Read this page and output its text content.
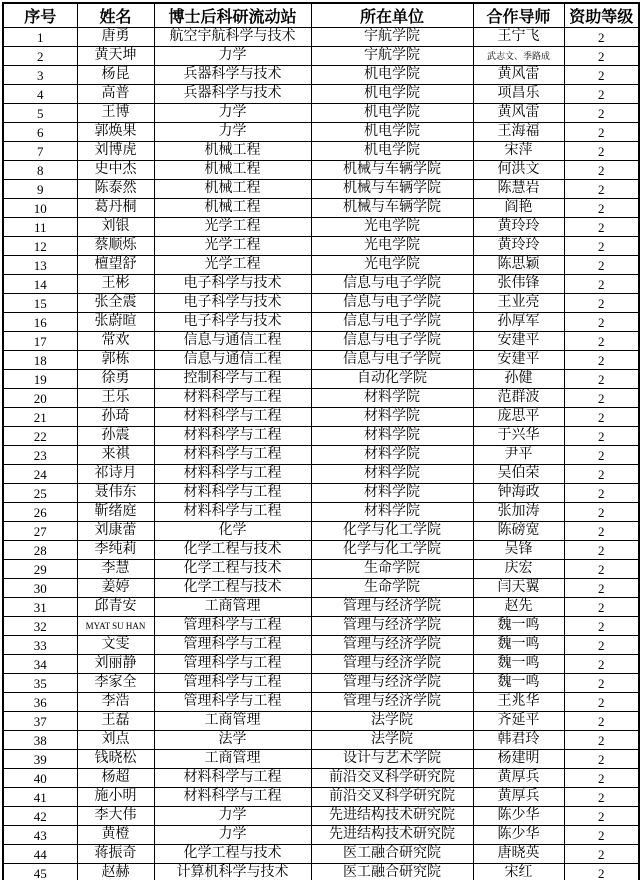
序号	姓名	博士后科研流动站	所在单位	合作导师	资助等级
1	唐勇	航空宇航科学与技术	宇航学院	王宁飞	2
2	黄天坤	力学	宇航学院	武志文、季路成	2
3	杨昆	兵器科学与技术	机电学院	黄风雷	2
4	高普	兵器科学与技术	机电学院	项昌乐	2
5	王博	力学	机电学院	黄风雷	2
6	郭焕果	力学	机电学院	王海福	2
7	刘博虎	机械工程	机电学院	宋萍	2
8	史中杰	机械工程	机械与车辆学院	何洪文	2
9	陈泰然	机械工程	机械与车辆学院	陈慧岩	2
10	葛丹桐	机械工程	机械与车辆学院	阎艳	2
11	刘银	光学工程	光电学院	黄玲玲	2
12	蔡顺烁	光学工程	光电学院	黄玲玲	2
13	檀望舒	光学工程	光电学院	陈思颖	2
14	王彬	电子科学与技术	信息与电子学院	张伟锋	2
15	张全震	电子科学与技术	信息与电子学院	王业亮	2
16	张蔚暄	电子科学与技术	信息与电子学院	孙厚军	2
17	常欢	信息与通信工程	信息与电子学院	安建平	2
18	郭栋	信息与通信工程	信息与电子学院	安建平	2
19	徐勇	控制科学与工程	自动化学院	孙健	2
20	王乐	材料科学与工程	材料学院	范群波	2
21	孙琦	材料科学与工程	材料学院	庞思平	2
22	孙震	材料科学与工程	材料学院	于兴华	2
23	来祺	材料科学与工程	材料学院	尹平	2
24	祁诗月	材料科学与工程	材料学院	吴伯荣	2
25	聂伟东	材料科学与工程	材料学院	钟海政	2
26	靳绪庭	材料科学与工程	材料学院	张加涛	2
27	刘康蕾	化学	化学与化工学院	陈磅宽	2
28	李纯莉	化学工程与技术	化学与化工学院	吴锋	2
29	李慧	化学工程与技术	生命学院	庆宏	2
30	姜婷	化学工程与技术	生命学院	闫天翼	2
31	邱青安	工商管理	管理与经济学院	赵先	2
32	MYAT SU HAN	管理科学与工程	管理与经济学院	魏一鸣	2
33	文雯	管理科学与工程	管理与经济学院	魏一鸣	2
34	刘丽静	管理科学与工程	管理与经济学院	魏一鸣	2
35	李家全	管理科学与工程	管理与经济学院	魏一鸣	2
36	李浩	管理科学与工程	管理与经济学院	王兆华	2
37	王磊	工商管理	法学院	齐延平	2
38	刘点	法学	法学院	韩君玲	2
39	钱晓松	工商管理	设计与艺术学院	杨建明	2
40	杨超	材料科学与工程	前沿交叉科学研究院	黄厚兵	2
41	施小明	材料科学与工程	前沿交叉科学研究院	黄厚兵	2
42	李大伟	力学	先进结构技术研究院	陈少华	2
43	黄橙	力学	先进结构技术研究院	陈少华	2
44	蒋振奇	化学工程与技术	医工融合研究院	唐晓英	2
45	赵赫	计算机科学与技术	医工融合研究院	宋红	2
